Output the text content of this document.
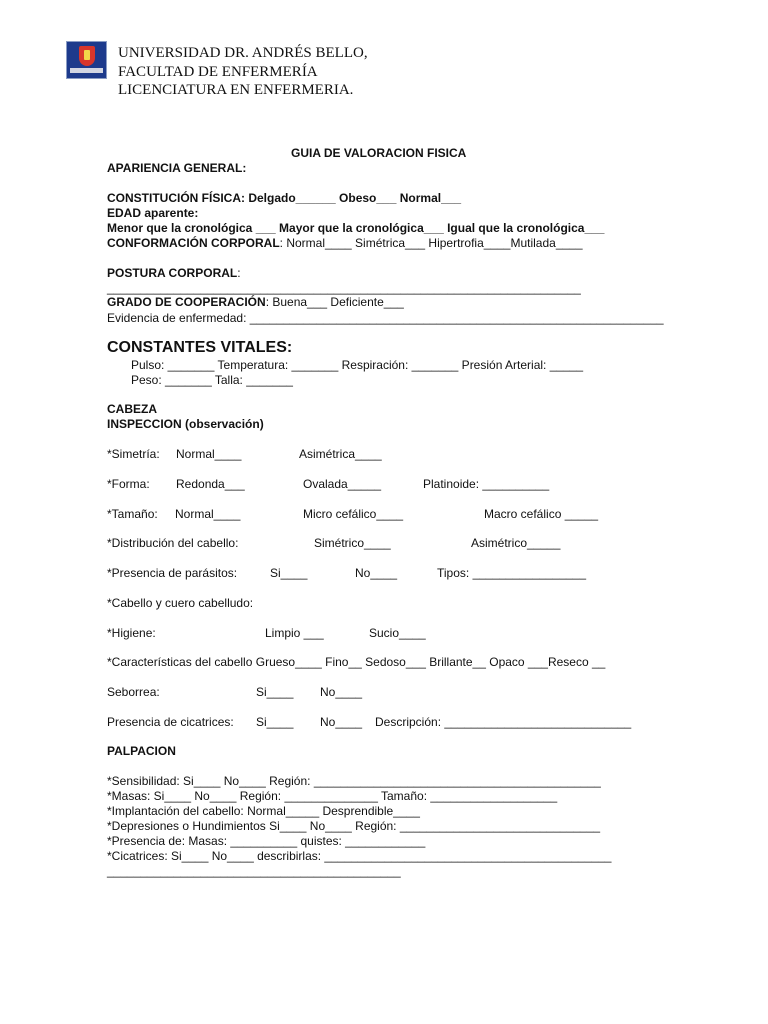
UNIVERSIDAD DR. ANDRÉS BELLO,
FACULTAD DE ENFERMERÍA
LICENCIATURA EN ENFERMERIA.
GUIA DE VALORACION FISICA
APARIENCIA GENERAL:
CONSTITUCIÓN FÍSICA: Delgado______ Obeso___ Normal___
EDAD aparente:
Menor que la cronológica ___ Mayor que la cronológica___ Igual que la cronológica___
CONFORMACIÓN CORPORAL: Normal____ Simétrica___ Hipertrofia____Mutilada____
POSTURA CORPORAL:
_______________________________________________________________________
GRADO DE COOPERACIÓN: Buena___ Deficiente___
Evidencia de enfermedad: ______________________________________________________________
CONSTANTES VITALES:
Pulso: _______ Temperatura: _______ Respiración: _______ Presión Arterial: _____
Peso: _______ Talla: _______
CABEZA
INSPECCION (observación)
*Simetría: Normal____	Asimétrica____
*Forma: Redonda___	Ovalada_____	Platinoide: __________
*Tamaño: Normal____	Micro cefálico____	Macro cefálico _____
*Distribución del cabello:	Simétrico____	Asimétrico_____
*Presencia de parásitos:	Si____	No____	Tipos: _________________
*Cabello y cuero cabelludo:
*Higiene:	Limpio ___	Sucio____
*Características del cabello Grueso____ Fino__ Sedoso___ Brillante__ Opaco ___Reseco __
Seborrea:	Si____ No____
Presencia de cicatrices: Si____ No____ Descripción: ____________________________
PALPACION
*Sensibilidad: Si____ No____ Región: ___________________________________________
*Masas: Si____ No____ Región: ______________ Tamaño: ___________________
*Implantación del cabello: Normal_____ Desprendible____
*Depresiones o Hundimientos Si____ No____ Región: ______________________________
*Presencia de: Masas: __________ quistes: ____________
*Cicatrices: Si____ No____ describirlas: ___________________________________________
____________________________________________
